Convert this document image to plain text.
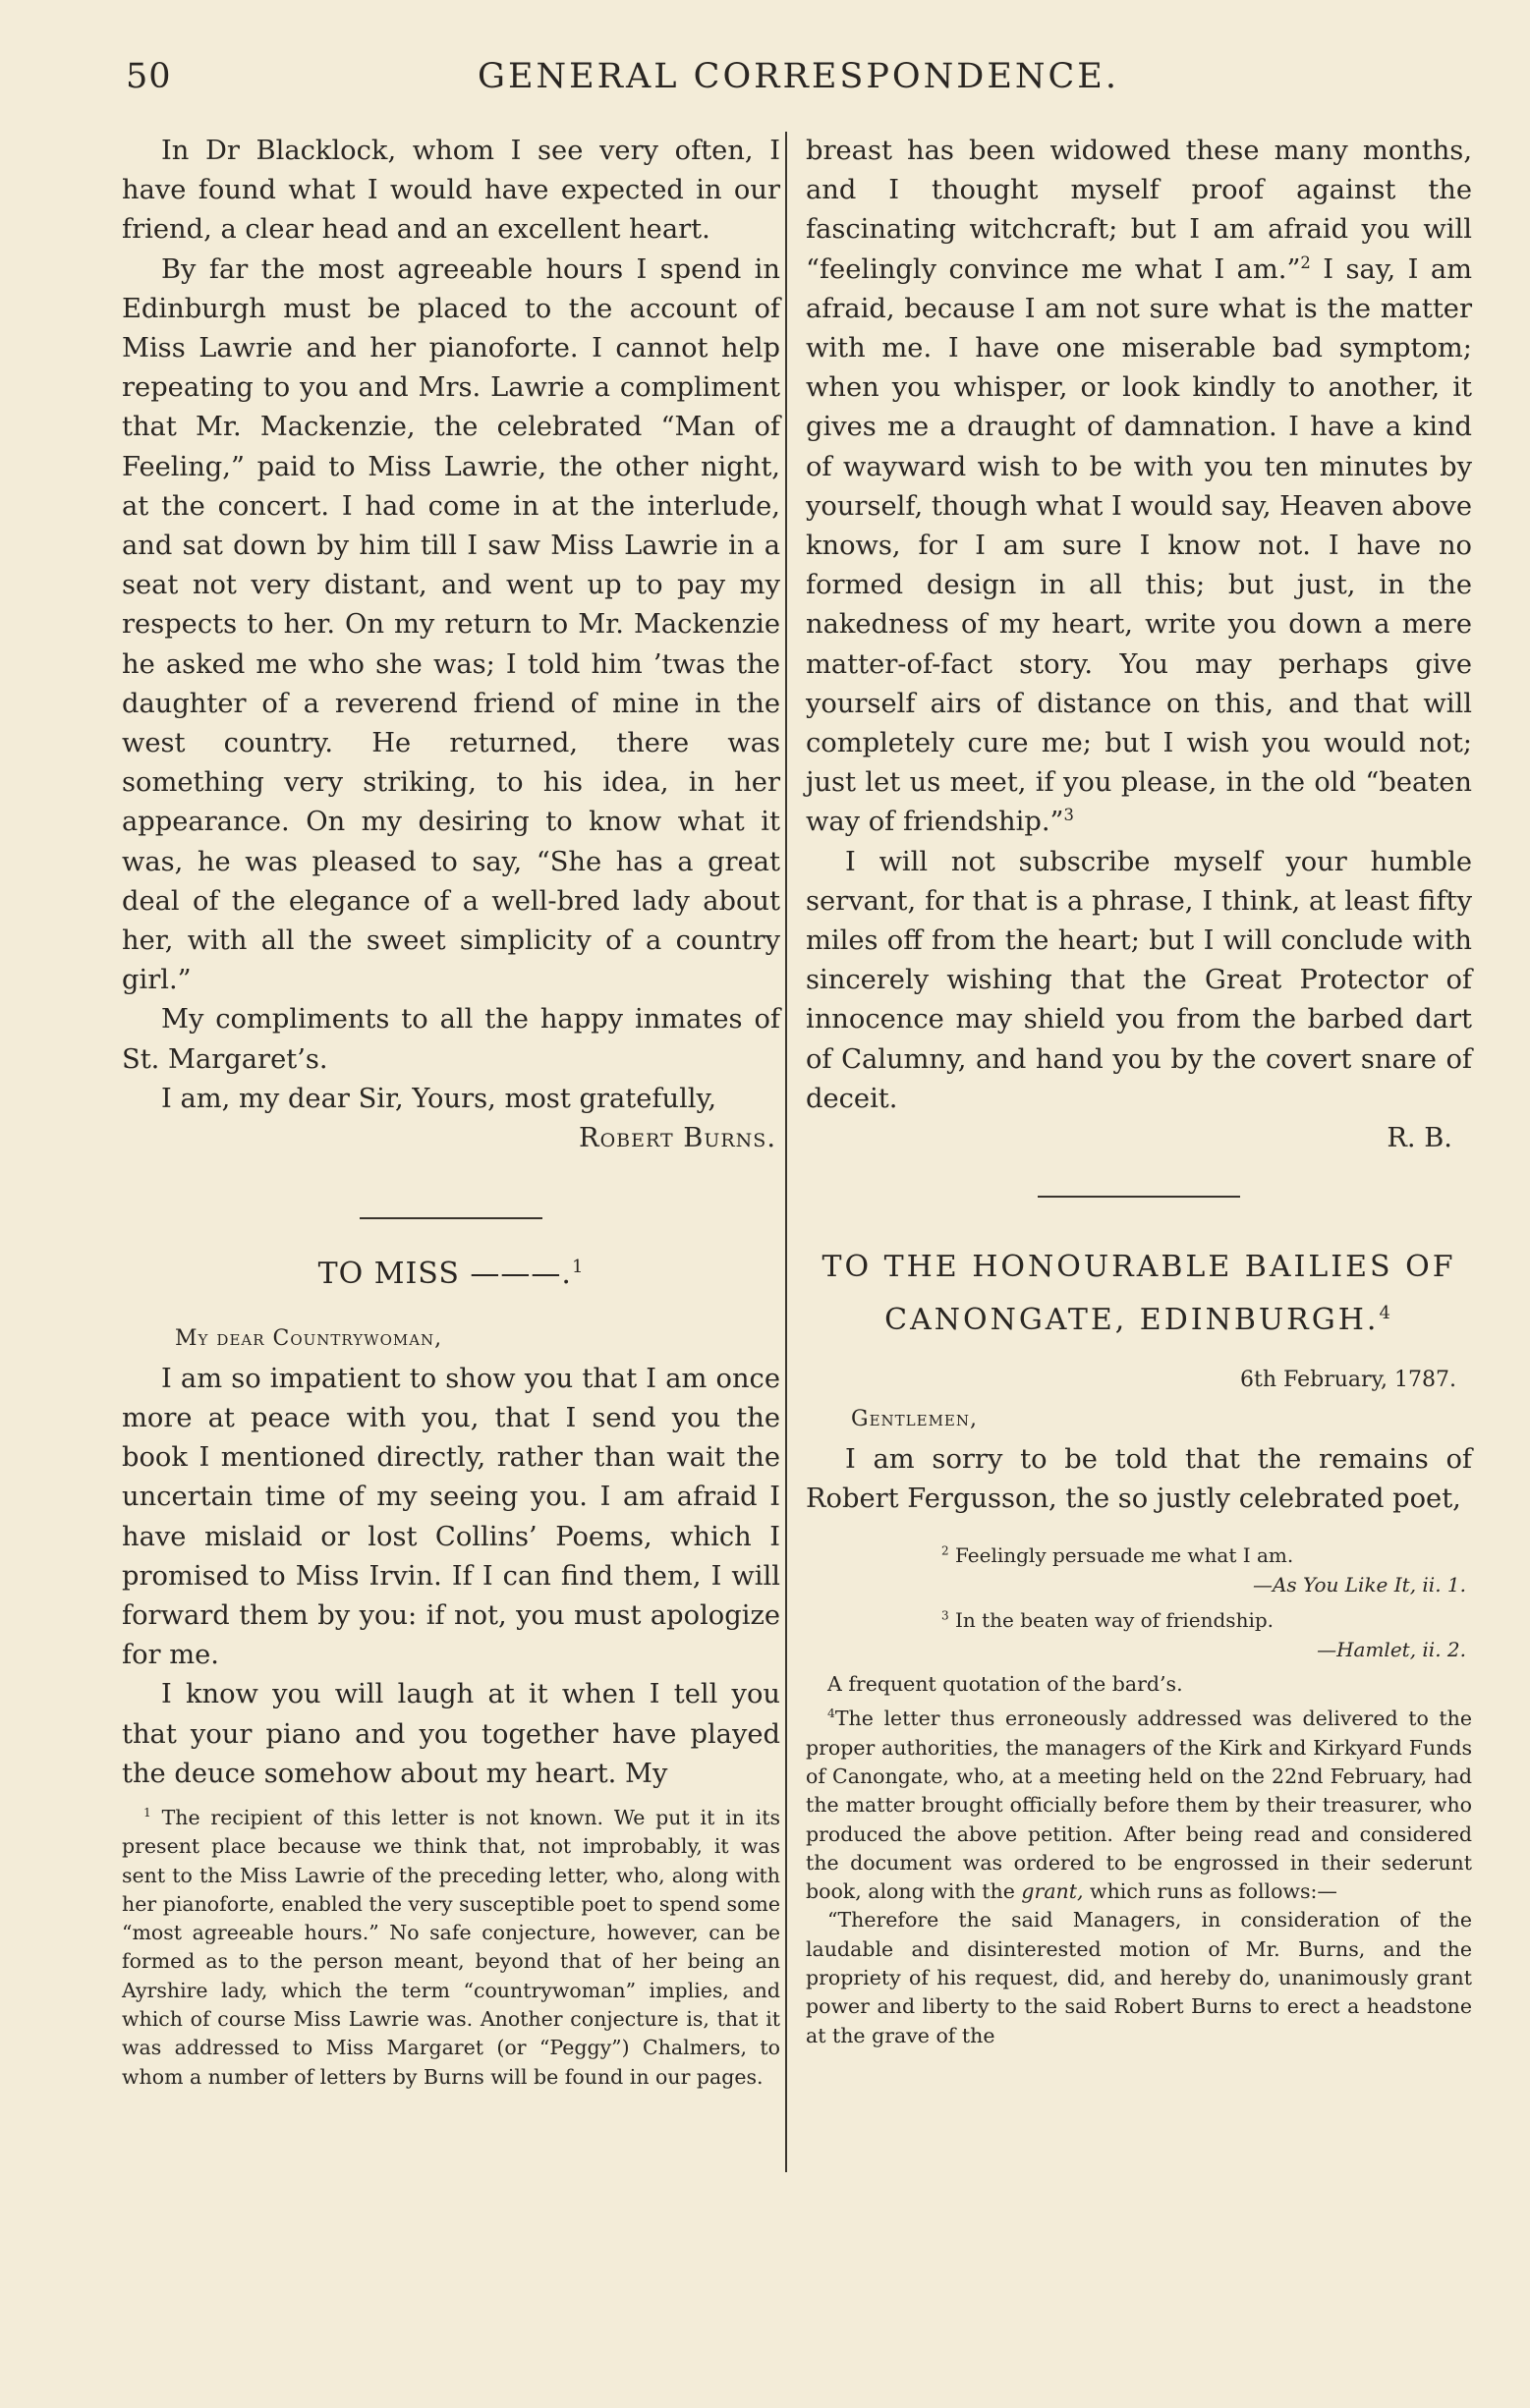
50	GENERAL CORRESPONDENCE.

In Dr Blacklock, whom I see very often, I have found what I would have expected in our friend, a clear head and an excellent heart.

By far the most agreeable hours I spend in Edinburgh must be placed to the account of Miss Lawrie and her pianoforte. I cannot help repeating to you and Mrs. Lawrie a compliment that Mr. Mackenzie, the celebrated “Man of Feeling,” paid to Miss Lawrie, the other night, at the concert. I had come in at the interlude, and sat down by him till I saw Miss Lawrie in a seat not very distant, and went up to pay my respects to her. On my return to Mr. Mackenzie he asked me who she was; I told him ’twas the daughter of a reverend friend of mine in the west country. He returned, there was something very striking, to his idea, in her appearance. On my desiring to know what it was, he was pleased to say, “She has a great deal of the elegance of a well-bred lady about her, with all the sweet simplicity of a country girl.”

My compliments to all the happy inmates of St. Margaret’s.

I am, my dear Sir, Yours, most gratefully,

Robert Burns.

TO MISS ———.$^1$

My dear Countrywoman,

I am so impatient to show you that I am once more at peace with you, that I send you the book I mentioned directly, rather than wait the uncertain time of my seeing you. I am afraid I have mislaid or lost Collins’ Poems, which I promised to Miss Irvin. If I can find them, I will forward them by you: if not, you must apologize for me.

I know you will laugh at it when I tell you that your piano and you together have played the deuce somehow about my heart. My

$^1$ The recipient of this letter is not known. We put it in its present place because we think that, not improbably, it was sent to the Miss Lawrie of the preceding letter, who, along with her pianoforte, enabled the very susceptible poet to spend some “most agreeable hours.” No safe conjecture, however, can be formed as to the person meant, beyond that of her being an Ayrshire lady, which the term “countrywoman” implies, and which of course Miss Lawrie was. Another conjecture is, that it was addressed to Miss Margaret (or “Peggy”) Chalmers, to whom a number of letters by Burns will be found in our pages.

breast has been widowed these many months, and I thought myself proof against the fascinating witchcraft; but I am afraid you will “feelingly convince me what I am.”$^2$ I say, I am afraid, because I am not sure what is the matter with me. I have one miserable bad symptom; when you whisper, or look kindly to another, it gives me a draught of damnation. I have a kind of wayward wish to be with you ten minutes by yourself, though what I would say, Heaven above knows, for I am sure I know not. I have no formed design in all this; but just, in the nakedness of my heart, write you down a mere matter-of-fact story. You may perhaps give yourself airs of distance on this, and that will completely cure me; but I wish you would not; just let us meet, if you please, in the old “beaten way of friendship.”$^3$

I will not subscribe myself your humble servant, for that is a phrase, I think, at least fifty miles off from the heart; but I will conclude with sincerely wishing that the Great Protector of innocence may shield you from the barbed dart of Calumny, and hand you by the covert snare of deceit.

R. B.

TO THE HONOURABLE BAILIES OF
CANONGATE, EDINBURGH.$^4$

6th February, 1787.

Gentlemen,

I am sorry to be told that the remains of Robert Fergusson, the so justly celebrated poet,

$^2$ Feelingly persuade me what I am.

—As You Like It, ii. 1.

$^3$ In the beaten way of friendship.

—Hamlet, ii. 2.

A frequent quotation of the bard’s.

$^4$The letter thus erroneously addressed was delivered to the proper authorities, the managers of the Kirk and Kirkyard Funds of Canongate, who, at a meeting held on the 22nd February, had the matter brought officially before them by their treasurer, who produced the above petition. After being read and considered the document was ordered to be engrossed in their sederunt book, along with the grant, which runs as follows:—

“Therefore the said Managers, in consideration of the laudable and disinterested motion of Mr. Burns, and the propriety of his request, did, and hereby do, unanimously grant power and liberty to the said Robert Burns to erect a headstone at the grave of the
